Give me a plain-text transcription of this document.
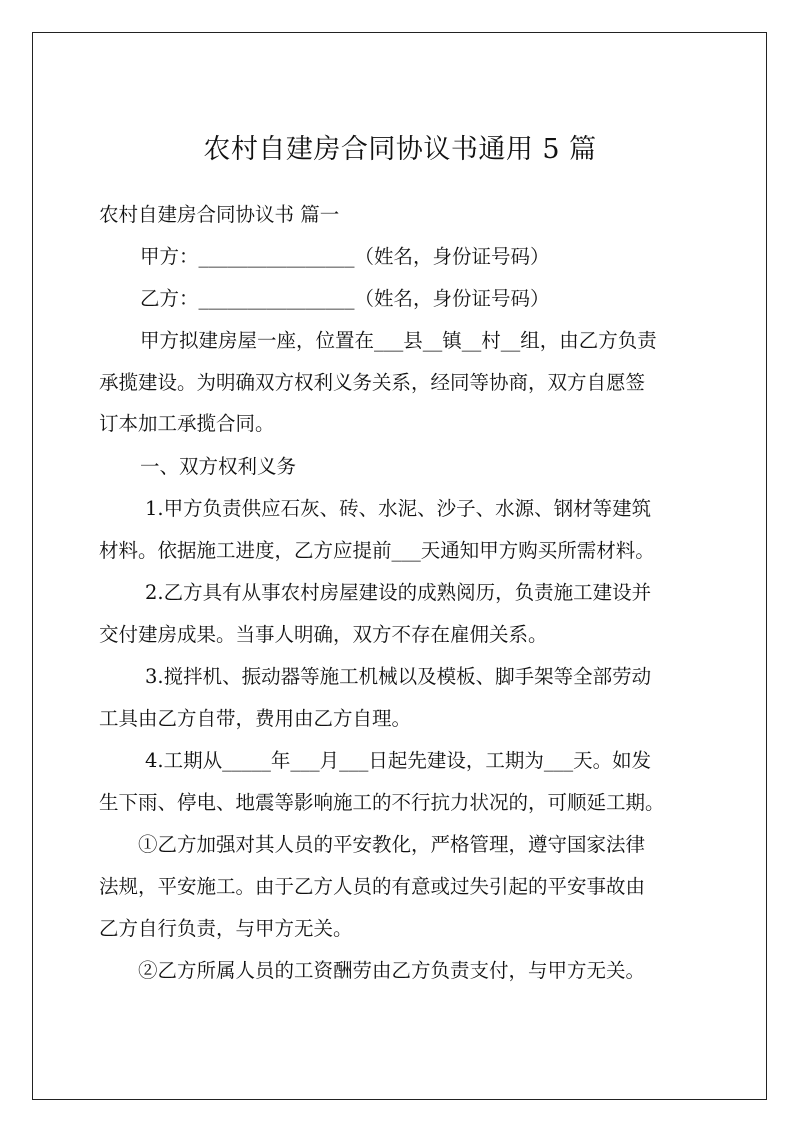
农村自建房合同协议书通用 5 篇

农村自建房合同协议书 篇一

甲方：________________（姓名，身份证号码）

乙方：________________（姓名，身份证号码）

甲方拟建房屋一座，位置在___县__镇__村__组，由乙方负责

承揽建设。为明确双方权利义务关系，经同等协商，双方自愿签

订本加工承揽合同。

一、双方权利义务

1.甲方负责供应石灰、砖、水泥、沙子、水源、钢材等建筑

材料。依据施工进度，乙方应提前___天通知甲方购买所需材料。

2.乙方具有从事农村房屋建设的成熟阅历，负责施工建设并

交付建房成果。当事人明确，双方不存在雇佣关系。

3.搅拌机、振动器等施工机械以及模板、脚手架等全部劳动

工具由乙方自带，费用由乙方自理。

4.工期从_____年___月___日起先建设，工期为___天。如发

生下雨、停电、地震等影响施工的不行抗力状况的，可顺延工期。

①乙方加强对其人员的平安教化，严格管理，遵守国家法律

法规，平安施工。由于乙方人员的有意或过失引起的平安事故由

乙方自行负责，与甲方无关。

②乙方所属人员的工资酬劳由乙方负责支付，与甲方无关。
